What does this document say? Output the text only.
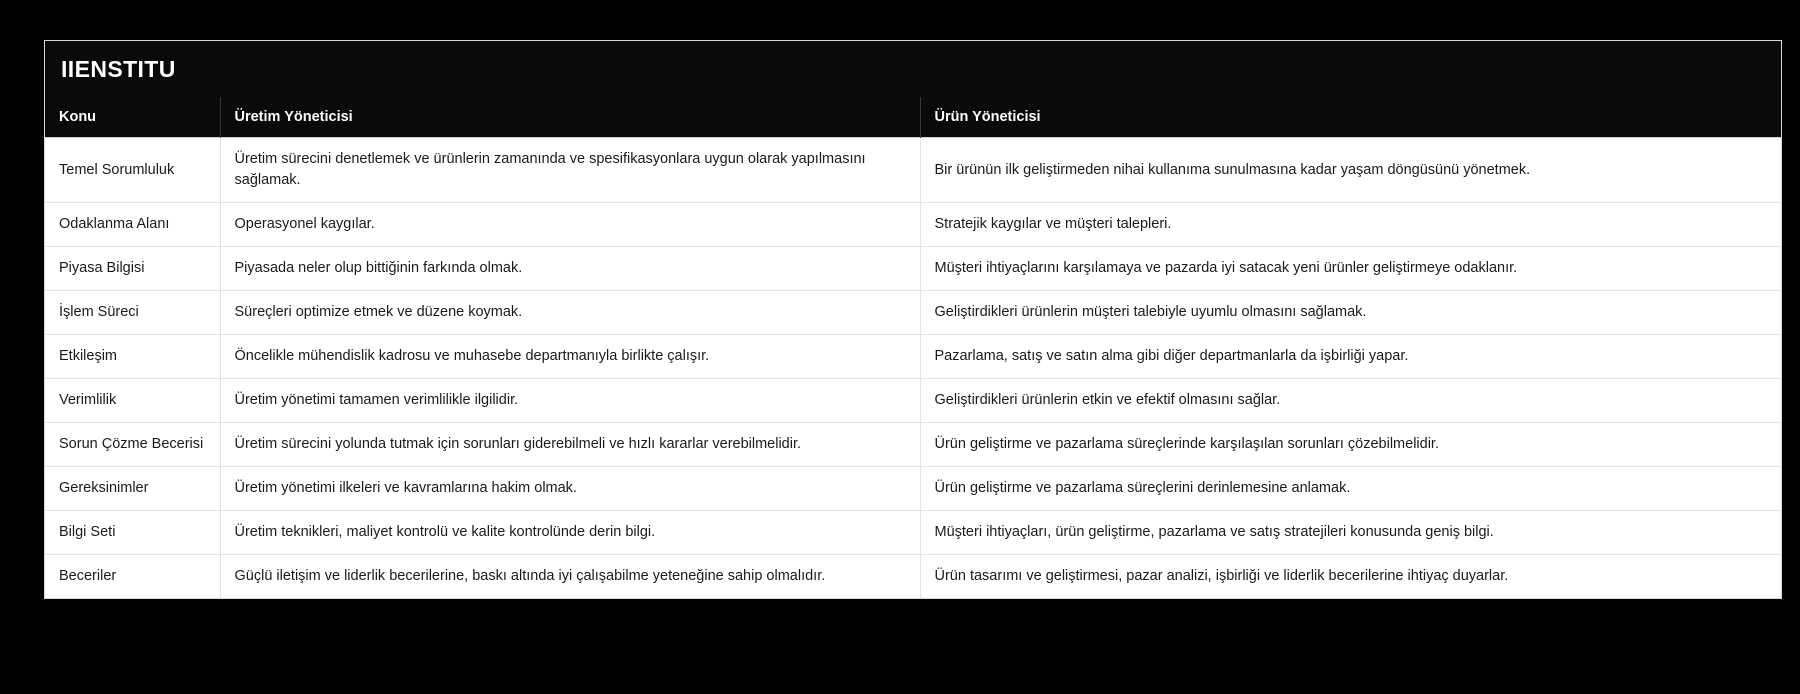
IIENSTITU
Konu	Üretim Yöneticisi	Ürün Yöneticisi
Temel Sorumluluk	Üretim sürecini denetlemek ve ürünlerin zamanında ve spesifikasyonlara uygun olarak yapılmasını sağlamak.	Bir ürünün ilk geliştirmeden nihai kullanıma sunulmasına kadar yaşam döngüsünü yönetmek.
Odaklanma Alanı	Operasyonel kaygılar.	Stratejik kaygılar ve müşteri talepleri.
Piyasa Bilgisi	Piyasada neler olup bittiğinin farkında olmak.	Müşteri ihtiyaçlarını karşılamaya ve pazarda iyi satacak yeni ürünler geliştirmeye odaklanır.
İşlem Süreci	Süreçleri optimize etmek ve düzene koymak.	Geliştirdikleri ürünlerin müşteri talebiyle uyumlu olmasını sağlamak.
Etkileşim	Öncelikle mühendislik kadrosu ve muhasebe departmanıyla birlikte çalışır.	Pazarlama, satış ve satın alma gibi diğer departmanlarla da işbirliği yapar.
Verimlilik	Üretim yönetimi tamamen verimlilikle ilgilidir.	Geliştirdikleri ürünlerin etkin ve efektif olmasını sağlar.
Sorun Çözme Becerisi	Üretim sürecini yolunda tutmak için sorunları giderebilmeli ve hızlı kararlar verebilmelidir.	Ürün geliştirme ve pazarlama süreçlerinde karşılaşılan sorunları çözebilmelidir.
Gereksinimler	Üretim yönetimi ilkeleri ve kavramlarına hakim olmak.	Ürün geliştirme ve pazarlama süreçlerini derinlemesine anlamak.
Bilgi Seti	Üretim teknikleri, maliyet kontrolü ve kalite kontrolünde derin bilgi.	Müşteri ihtiyaçları, ürün geliştirme, pazarlama ve satış stratejileri konusunda geniş bilgi.
Beceriler	Güçlü iletişim ve liderlik becerilerine, baskı altında iyi çalışabilme yeteneğine sahip olmalıdır.	Ürün tasarımı ve geliştirmesi, pazar analizi, işbirliği ve liderlik becerilerine ihtiyaç duyarlar.
